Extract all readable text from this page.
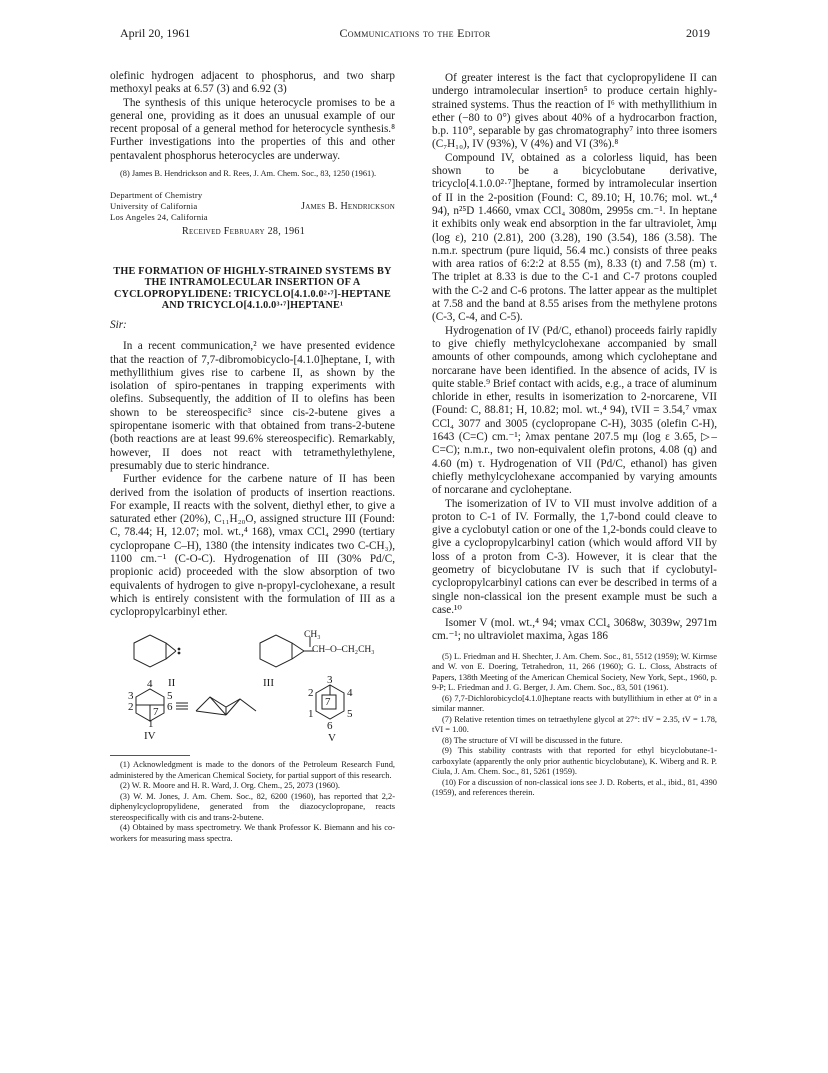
April 20, 1961	Communications to the Editor	2019

olefinic hydrogen adjacent to phosphorus, and two sharp methoxyl peaks at 6.57 (3) and 6.92 (3)

The synthesis of this unique heterocycle promises to be a general one, providing as it does an unusual example of our recent proposal of a general method for heterocycle synthesis.⁸ Further investigations into the properties of this and other pentavalent phosphorus heterocycles are underway.

(8) James B. Hendrickson and R. Rees, J. Am. Chem. Soc., 83, 1250 (1961).

Department of Chemistry
University of California
Los Angeles 24, California
James B. Hendrickson
Received February 28, 1961

THE FORMATION OF HIGHLY-STRAINED SYSTEMS BY THE INTRAMOLECULAR INSERTION OF A CYCLOPROPYLIDENE: TRICYCLO[4.1.0.0²·⁷]-HEPTANE AND TRICYCLO[4.1.0.0³·⁷]HEPTANE¹

Sir:

In a recent communication,² we have presented evidence that the reaction of 7,7-dibromobicyclo-[4.1.0]heptane, I, with methyllithium gives rise to carbene II, as shown by the isolation of spiro-pentanes in trapping experiments with olefins. Subsequently, the addition of II to olefins has been shown to be stereospecific³ since cis-2-butene gives a spiropentane isomeric with that obtained from trans-2-butene (both reactions are at least 99.6% stereospecific). Remarkably, however, II does not react with tetramethylethylene, presumably due to steric hindrance.

Further evidence for the carbene nature of II has been derived from the isolation of products of insertion reactions. For example, II reacts with the solvent, diethyl ether, to give a saturated ether (20%), C₁₁H₂₀O, assigned structure III (Found: C, 78.44; H, 12.07; mol. wt.,⁴ 168), νmax CCl₄ 2990 (tertiary cyclopropane C–H), 1380 (the intensity indicates two C-CH₃), 1100 cm.⁻¹ (C-O-C). Hydrogenation of III (30% Pd/C, propionic acid) proceeded with the slow absorption of two equivalents of hydrogen to give n-propyl-cyclohexane, a result which is entirely consistent with the formulation of III as a cyclopropylcarbinyl ether.

II	III
CH₃
CH–O–CH₂CH₃
IV	V
4
3	5
2	6
1
7
3
2	4
7
1	5
6

(1) Acknowledgment is made to the donors of the Petroleum Research Fund, administered by the American Chemical Society, for partial support of this research.

(2) W. R. Moore and H. R. Ward, J. Org. Chem., 25, 2073 (1960).

(3) W. M. Jones, J. Am. Chem. Soc., 82, 6200 (1960), has reported that 2,2-diphenylcyclopropylidene, generated from the diazocyclopropane, reacts stereospecifically with cis and trans-2-butene.

(4) Obtained by mass spectrometry. We thank Professor K. Biemann and his co-workers for measuring mass spectra.

Of greater interest is the fact that cyclopropylidene II can undergo intramolecular insertion⁵ to produce certain highly-strained systems. Thus the reaction of I⁶ with methyllithium in ether (−80 to 0°) gives about 40% of a hydrocarbon fraction, b.p. 110°, separable by gas chromatography⁷ into three isomers (C₇H₁₀), IV (93%), V (4%) and VI (3%).⁸

Compound IV, obtained as a colorless liquid, has been shown to be a bicyclobutane derivative, tricyclo[4.1.0.0²·⁷]heptane, formed by intramolecular insertion of II in the 2-position (Found: C, 89.10; H, 10.76; mol. wt.,⁴ 94), n²⁵D 1.4660, νmax CCl₄ 3080m, 2995s cm.⁻¹. In heptane it exhibits only weak end absorption in the far ultraviolet, λmμ (log ε), 210 (2.81), 200 (3.28), 190 (3.54), 186 (3.58). The n.m.r. spectrum (pure liquid, 56.4 mc.) consists of three peaks with area ratios of 6:2:2 at 8.55 (m), 8.33 (t) and 7.58 (m) τ. The triplet at 8.33 is due to the C-1 and C-7 protons coupled with the C-2 and C-6 protons. The latter appear as the multiplet at 7.58 and the band at 8.55 arises from the methylene protons (C-3, C-4, and C-5).

Hydrogenation of IV (Pd/C, ethanol) proceeds fairly rapidly to give chiefly methylcyclohexane accompanied by small amounts of other compounds, among which cycloheptane and norcarane have been identified. In the absence of acids, IV is quite stable.⁹ Brief contact with acids, e.g., a trace of aluminum chloride in ether, results in isomerization to 2-norcarene, VII (Found: C, 88.81; H, 10.82; mol. wt.,⁴ 94), tVII = 3.54,⁷ νmax CCl₄ 3077 and 3005 (cyclopropane C-H), 3035 (olefin C-H), 1643 (C=C) cm.⁻¹; λmax pentane 207.5 mμ (log ε 3.65, ▷–C=C); n.m.r., two non-equivalent olefin protons, 4.08 (q) and 4.60 (m) τ. Hydrogenation of VII (Pd/C, ethanol) has given chiefly methylcyclohexane accompanied by varying amounts of norcarane and cycloheptane.

The isomerization of IV to VII must involve addition of a proton to C-1 of IV. Formally, the 1,7-bond could cleave to give a cyclobutyl cation or one of the 1,2-bonds could cleave to give a cyclopropylcarbinyl cation (which would afford VII by loss of a proton from C-3). However, it is clear that the geometry of bicyclobutane IV is such that if cyclobutyl-cyclopropylcarbinyl cations can ever be described in terms of a single non-classical ion the present example must be such a case.¹⁰

Isomer V (mol. wt.,⁴ 94; νmax CCl₄ 3068w, 3039w, 2971m cm.⁻¹; no ultraviolet maxima, λgas 186

(5) L. Friedman and H. Shechter, J. Am. Chem. Soc., 81, 5512 (1959); W. Kirmse and W. von E. Doering, Tetrahedron, 11, 266 (1960); G. L. Closs, Abstracts of Papers, 138th Meeting of the American Chemical Society, New York, Sept., 1960, p. 9-P; L. Friedman and J. G. Berger, J. Am. Chem. Soc., 83, 501 (1961).

(6) 7,7-Dichlorobicyclo[4.1.0]heptane reacts with butyllithium in ether at 0° in a similar manner.

(7) Relative retention times on tetraethylene glycol at 27°: tIV = 2.35, tV = 1.78, tVI = 1.00.

(8) The structure of VI will be discussed in the future.

(9) This stability contrasts with that reported for ethyl bicyclobutane-1-carboxylate (apparently the only prior authentic bicyclobutane), K. Wiberg and R. P. Ciula, J. Am. Chem. Soc., 81, 5261 (1959).

(10) For a discussion of non-classical ions see J. D. Roberts, et al., ibid., 81, 4390 (1959), and references therein.
